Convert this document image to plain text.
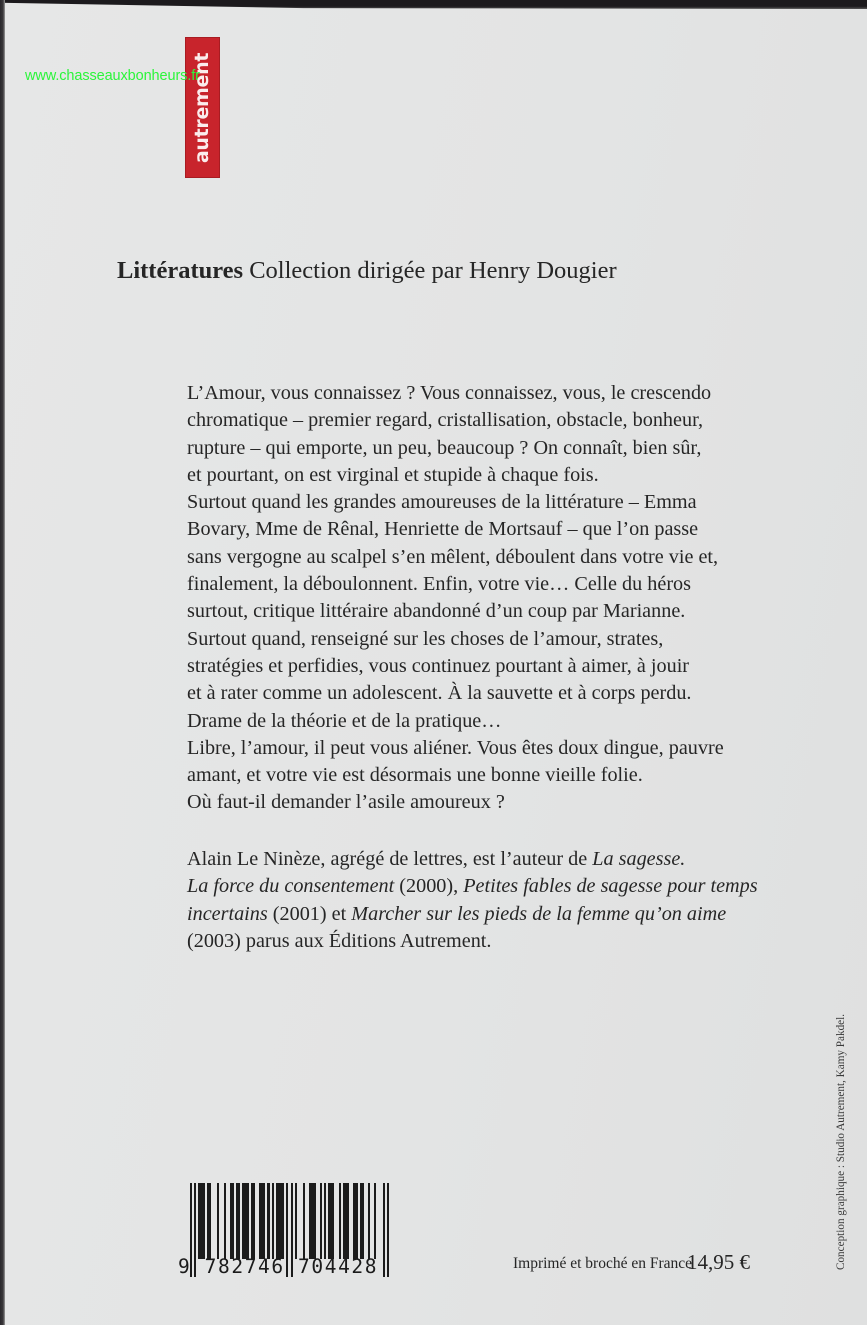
autrement
www.chasseauxbonheurs.fr
Littératures Collection dirigée par Henry Dougier
L’Amour, vous connaissez ? Vous connaissez, vous, le crescendo
chromatique – premier regard, cristallisation, obstacle, bonheur,
rupture – qui emporte, un peu, beaucoup ? On connaît, bien sûr,
et pourtant, on est virginal et stupide à chaque fois.
Surtout quand les grandes amoureuses de la littérature – Emma
Bovary, Mme de Rênal, Henriette de Mortsauf – que l’on passe
sans vergogne au scalpel s’en mêlent, déboulent dans votre vie et,
finalement, la déboulonnent. Enfin, votre vie… Celle du héros
surtout, critique littéraire abandonné d’un coup par Marianne.
Surtout quand, renseigné sur les choses de l’amour, strates,
stratégies et perfidies, vous continuez pourtant à aimer, à jouir
et à rater comme un adolescent. À la sauvette et à corps perdu.
Drame de la théorie et de la pratique…
Libre, l’amour, il peut vous aliéner. Vous êtes doux dingue, pauvre
amant, et votre vie est désormais une bonne vieille folie.
Où faut-il demander l’asile amoureux ?
Alain Le Ninèze, agrégé de lettres, est l’auteur de La sagesse.
La force du consentement (2000), Petites fables de sagesse pour temps
incertains (2001) et Marcher sur les pieds de la femme qu’on aime
(2003) parus aux Éditions Autrement.
Conception graphique : Studio Autrement, Kamy Pakdel.
9 782746 704428	Imprimé et broché en France
14,95 €
